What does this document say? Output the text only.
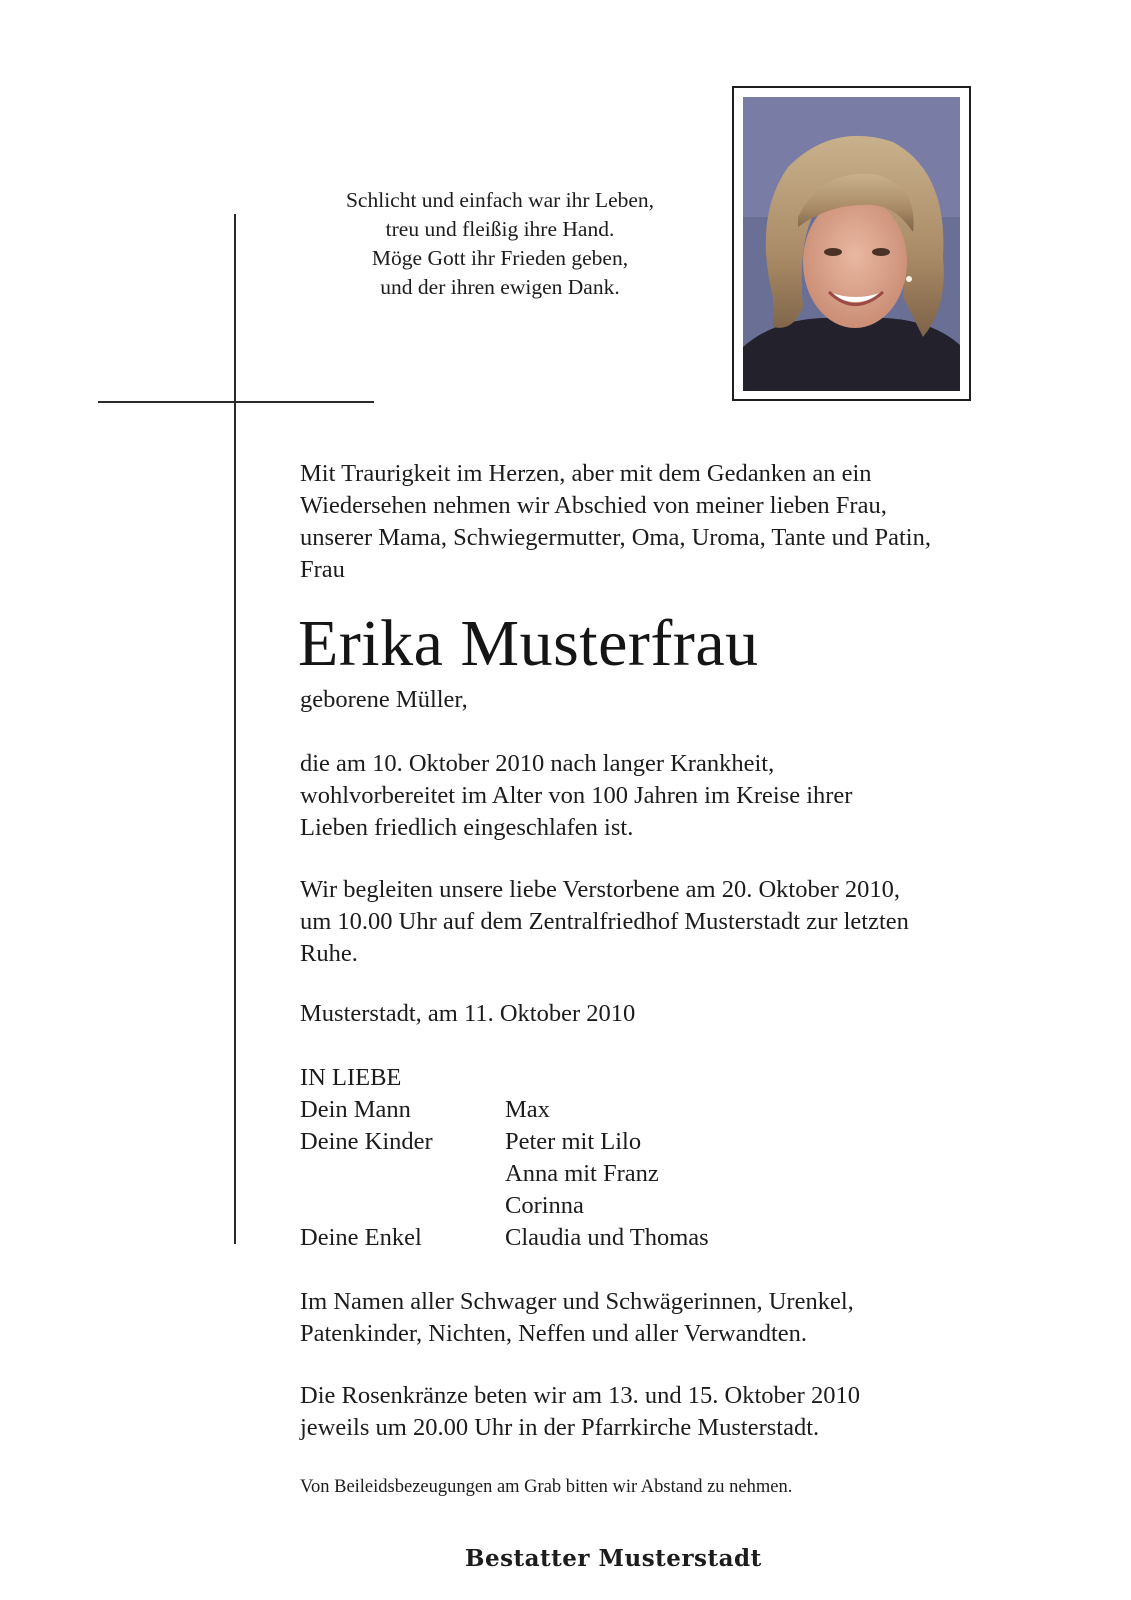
Schlicht und einfach war ihr Leben,
treu und fleißig ihre Hand.
Möge Gott ihr Frieden geben,
und der ihren ewigen Dank.
Mit Traurigkeit im Herzen, aber mit dem Gedanken an ein
Wiedersehen nehmen wir Abschied von meiner lieben Frau,
unserer Mama, Schwiegermutter, Oma, Uroma, Tante und Patin,
Frau
Erika Musterfrau
geborene Müller,
die am 10. Oktober 2010 nach langer Krankheit,
wohlvorbereitet im Alter von 100 Jahren im Kreise ihrer
Lieben friedlich eingeschlafen ist.
Wir begleiten unsere liebe Verstorbene am 20. Oktober 2010,
um 10.00 Uhr auf dem Zentralfriedhof Musterstadt zur letzten
Ruhe.
Musterstadt, am 11. Oktober 2010
IN LIEBE
Dein Mann	Max
Deine Kinder	Peter mit Lilo
Anna mit Franz
Corinna
Deine Enkel	Claudia und Thomas
Im Namen aller Schwager und Schwägerinnen, Urenkel,
Patenkinder, Nichten, Neffen und aller Verwandten.
Die Rosenkränze beten wir am 13. und 15. Oktober 2010
jeweils um 20.00 Uhr in der Pfarrkirche Musterstadt.
Von Beileidsbezeugungen am Grab bitten wir Abstand zu nehmen.
Bestatter Musterstadt
